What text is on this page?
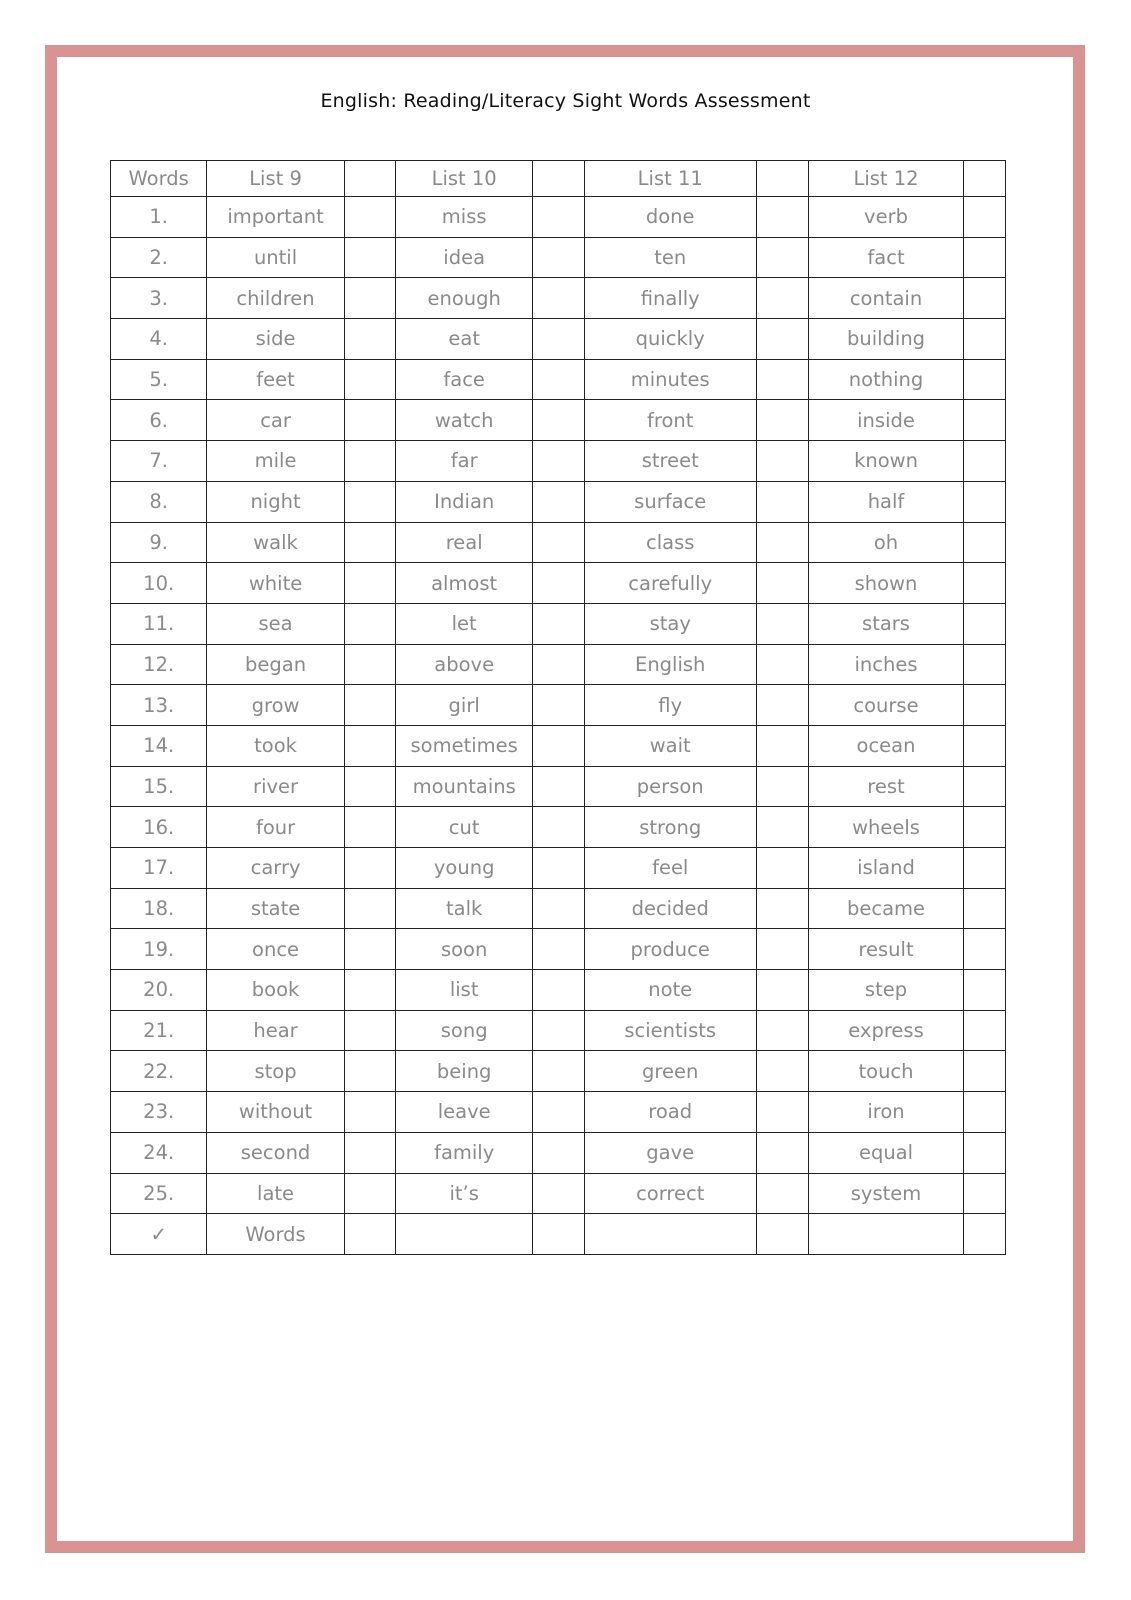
English: Reading/Literacy Sight Words Assessment
Words	List 9		List 10		List 11		List 12	
1.	important		miss		done		verb	
2.	until		idea		ten		fact	
3.	children		enough		finally		contain	
4.	side		eat		quickly		building	
5.	feet		face		minutes		nothing	
6.	car		watch		front		inside	
7.	mile		far		street		known	
8.	night		Indian		surface		half	
9.	walk		real		class		oh	
10.	white		almost		carefully		shown	
11.	sea		let		stay		stars	
12.	began		above		English		inches	
13.	grow		girl		fly		course	
14.	took		sometimes		wait		ocean	
15.	river		mountains		person		rest	
16.	four		cut		strong		wheels	
17.	carry		young		feel		island	
18.	state		talk		decided		became	
19.	once		soon		produce		result	
20.	book		list		note		step	
21.	hear		song		scientists		express	
22.	stop		being		green		touch	
23.	without		leave		road		iron	
24.	second		family		gave		equal	
25.	late		it’s		correct		system	
✓	Words							
